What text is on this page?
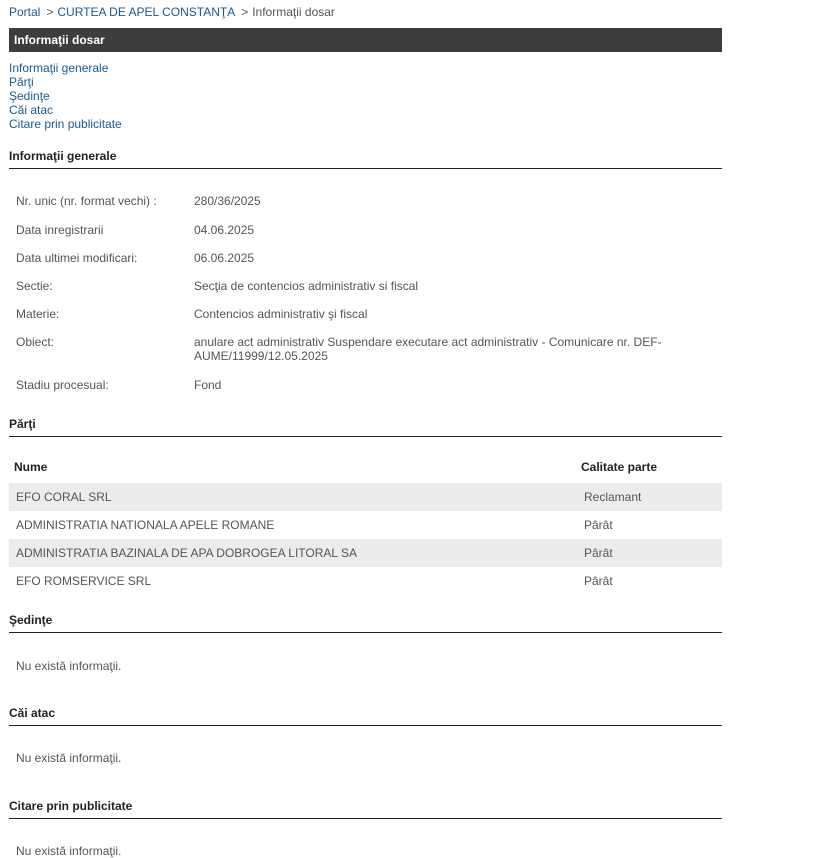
Portal > CURTEA DE APEL CONSTANŢA > Informaţii dosar
Informaţii dosar
Informaţii generale
Părţi
Şedinţe
Căi atac
Citare prin publicitate
Informaţii generale
Nr. unic (nr. format vechi) :	280/36/2025
Data inregistrarii	04.06.2025
Data ultimei modificari:	06.06.2025
Sectie:	Secţia de contencios administrativ si fiscal
Materie:	Contencios administrativ şi fiscal
Obiect:	anulare act administrativ Suspendare executare act administrativ - Comunicare nr. DEF-AUME/11999/12.05.2025
Stadiu procesual:	Fond
Părţi
Nume	Calitate parte
EFO CORAL SRL	Reclamant
ADMINISTRATIA NATIONALA APELE ROMANE	Pârât
ADMINISTRATIA BAZINALA DE APA DOBROGEA LITORAL SA	Pârât
EFO ROMSERVICE SRL	Pârât
Şedinţe
Nu există informaţii.
Căi atac
Nu există informaţii.
Citare prin publicitate
Nu există informaţii.
